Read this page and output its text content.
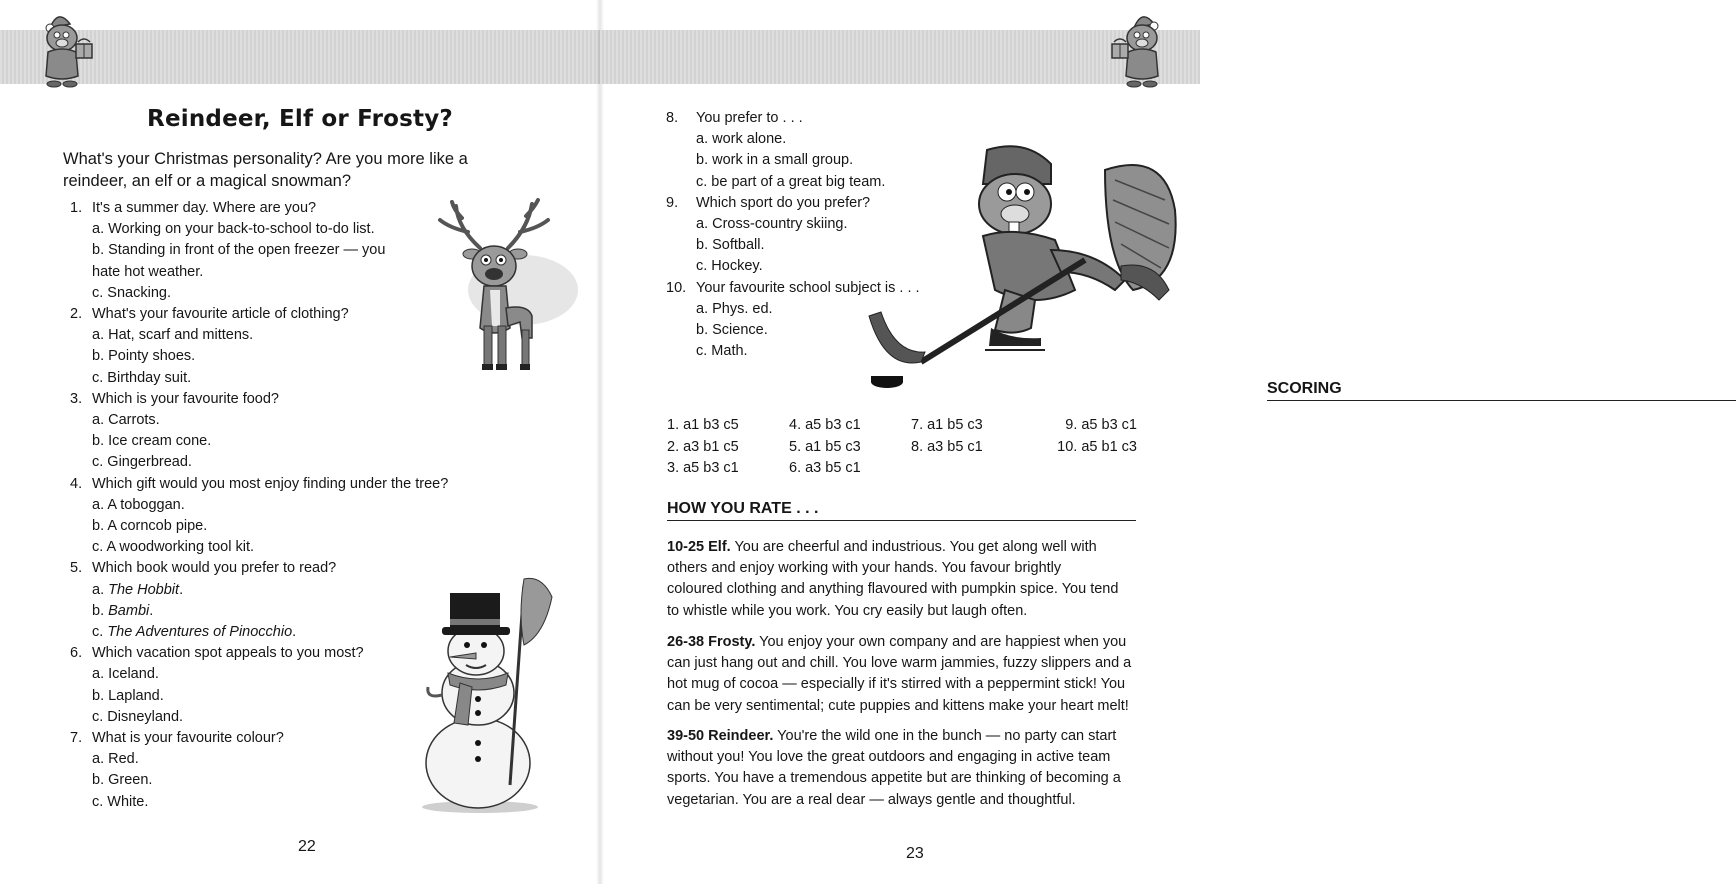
Reindeer, Elf or Frosty?
What's your Christmas personality? Are you more like a reindeer, an elf or a magical snowman?
1. It's a summer day. Where are you?
a. Working on your back-to-school to-do list.
b. Standing in front of the open freezer — you
hate hot weather.
c. Snacking.
2. What's your favourite article of clothing?
a. Hat, scarf and mittens.
b. Pointy shoes.
c. Birthday suit.
3. Which is your favourite food?
a. Carrots.
b. Ice cream cone.
c. Gingerbread.
4. Which gift would you most enjoy finding under the tree?
a. A toboggan.
b. A corncob pipe.
c. A woodworking tool kit.
5. Which book would you prefer to read?
a. The Hobbit.
b. Bambi.
c. The Adventures of Pinocchio.
6. Which vacation spot appeals to you most?
a. Iceland.
b. Lapland.
c. Disneyland.
7. What is your favourite colour?
a. Red.
b. Green.
c. White.
22
8.	You prefer to . . .
a. work alone.
b. work in a small group.
c. be part of a great big team.
9.	Which sport do you prefer?
a. Cross-country skiing.
b. Softball.
c. Hockey.
10. Your favourite school subject is . . .
a. Phys. ed.
b. Science.
c. Math.
SCORING
1. a1 b3 c5	4. a5 b3 c1	7. a1 b5 c3	9. a5 b3 c1
2. a3 b1 c5	5. a1 b5 c3	8. a3 b5 c1	10. a5 b1 c3
3. a5 b3 c1	6. a3 b5 c1
HOW YOU RATE . . .
10-25 Elf. You are cheerful and industrious. You get along well with
others and enjoy working with your hands. You favour brightly
coloured clothing and anything flavoured with pumpkin spice. You tend
to whistle while you work. You cry easily but laugh often.
26-38 Frosty. You enjoy your own company and are happiest when you
can just hang out and chill. You love warm jammies, fuzzy slippers and a
hot mug of cocoa — especially if it's stirred with a peppermint stick! You
can be very sentimental; cute puppies and kittens make your heart melt!
39-50 Reindeer. You're the wild one in the bunch — no party can start
without you! You love the great outdoors and engaging in active team
sports. You have a tremendous appetite but are thinking of becoming a
vegetarian. You are a real dear — always gentle and thoughtful.
23
